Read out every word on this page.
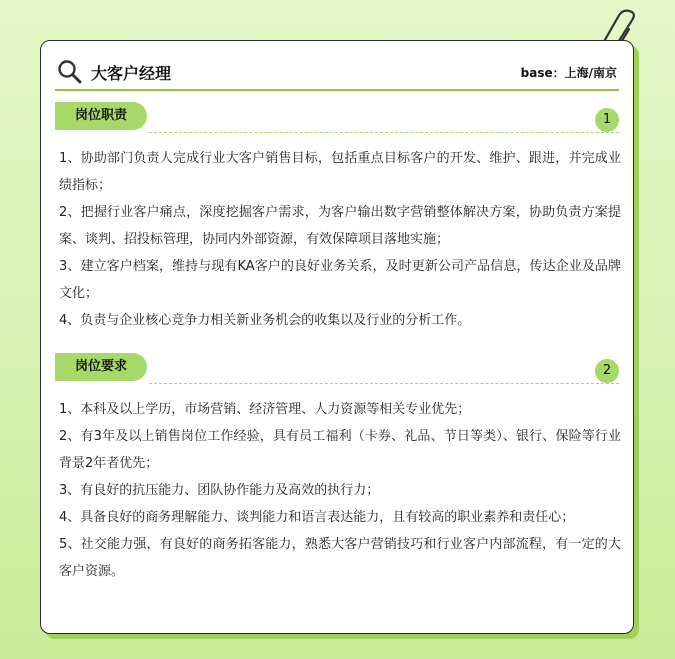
大客户经理	base：上海/南京
岗位职责	1

1、协助部门负责人完成行业大客户销售目标，包括重点目标客户的开发、维护、跟进，并完成业绩指标；

2、把握行业客户痛点，深度挖掘客户需求，为客户输出数字营销整体解决方案，协助负责方案提案、谈判、招投标管理，协同内外部资源，有效保障项目落地实施；

3、建立客户档案，维持与现有KA客户的良好业务关系，及时更新公司产品信息，传达企业及品牌文化；

4、负责与企业核心竞争力相关新业务机会的收集以及行业的分析工作。

岗位要求	2

1、本科及以上学历，市场营销、经济管理、人力资源等相关专业优先；

2、有3年及以上销售岗位工作经验，具有员工福利（卡券、礼品、节日等类）、银行、保险等行业背景2年者优先；

3、有良好的抗压能力、团队协作能力及高效的执行力；

4、具备良好的商务理解能力、谈判能力和语言表达能力，且有较高的职业素养和责任心；

5、社交能力强，有良好的商务拓客能力，熟悉大客户营销技巧和行业客户内部流程，有一定的大客户资源。
